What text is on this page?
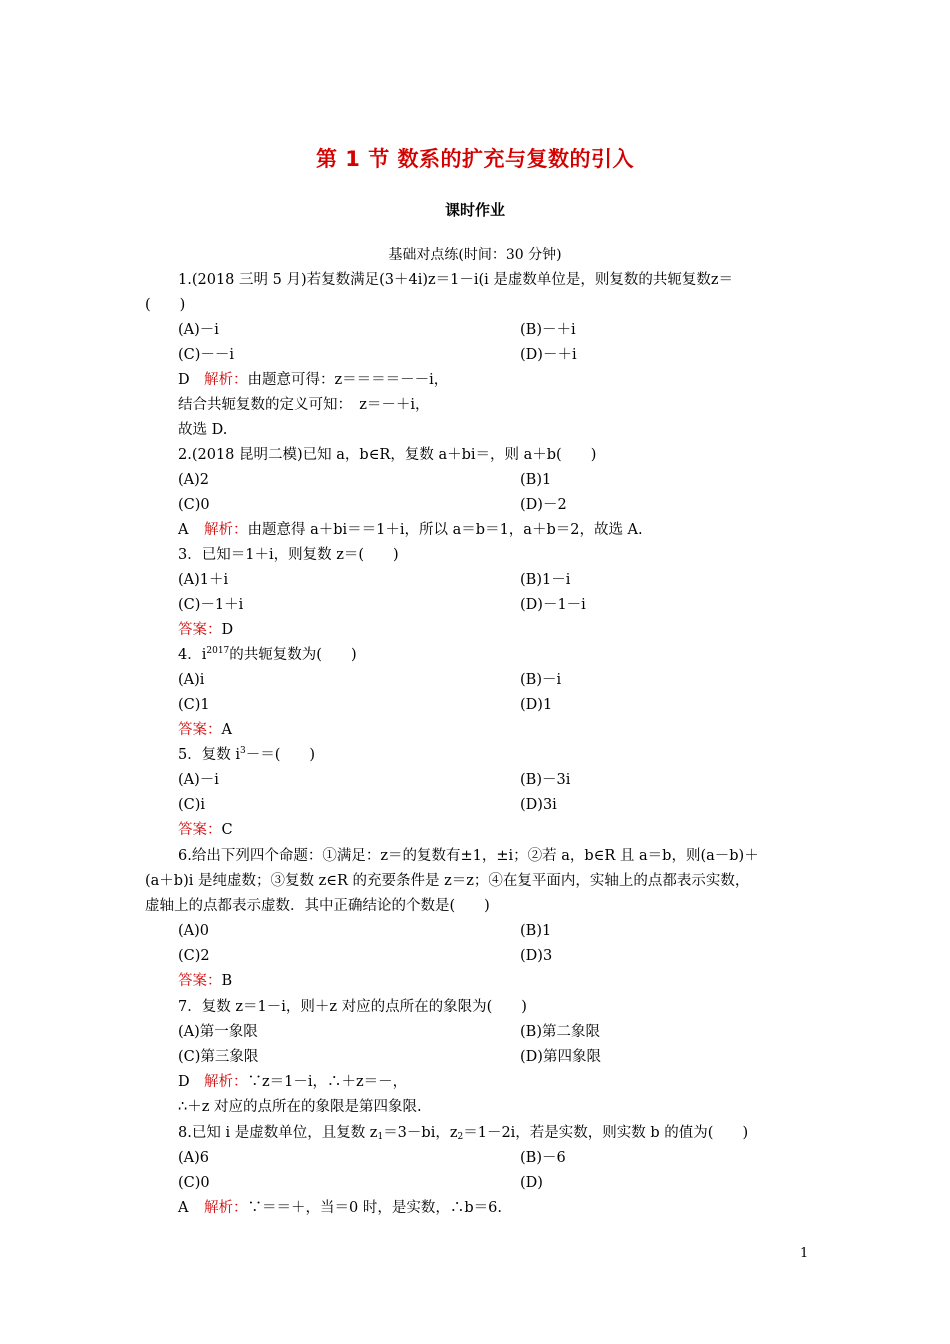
第 1 节 数系的扩充与复数的引入
课时作业
基础对点练(时间：30 分钟)
1.(2018 三明 5 月)若复数满足(3＋4i)z＝1－i(i 是虚数单位是，则复数的共轭复数z＝
(　　)
(A)－i	(B)－＋i
(C)－－i	(D)－＋i
D 解析：由题意可得：z＝＝＝＝－－i，
结合共轭复数的定义可知：　z＝－＋i，
故选 D.
2.(2018 昆明二模)已知 a，b∈R，复数 a＋bi＝，则 a＋b(　　)
(A)2	(B)1
(C)0	(D)－2
A 解析：由题意得 a＋bi＝＝1＋i，所以 a＝b＝1，a＋b＝2，故选 A.
3．已知＝1＋i，则复数 z＝(　　)
(A)1＋i	(B)1－i
(C)－1＋i	(D)－1－i
答案：D
4．$i^{2017}$的共轭复数为(　　)
(A)i	(B)－i
(C)1	(D)1
答案：A
5．复数 $i^3-=$(　　)
(A)－i	(B)－3i
(C)i	(D)3i
答案：C
6.给出下列四个命题：①满足：z＝的复数有±1，±i；②若 a，b∈R 且 a＝b，则(a－b)＋
(a＋b)i 是纯虚数；③复数 z∈R 的充要条件是 z＝z；④在复平面内，实轴上的点都表示实数，
虚轴上的点都表示虚数．其中正确结论的个数是(　　)
(A)0	(B)1
(C)2	(D)3
答案：B
7．复数 z＝1－i，则＋z 对应的点所在的象限为(　　)
(A)第一象限	(B)第二象限
(C)第三象限	(D)第四象限
D 解析：∵z＝1－i，∴＋z＝－，
∴＋z 对应的点所在的象限是第四象限.
8.已知 i 是虚数单位，且复数 $z_1=3-bi$，$z_2=1-2i$，若是实数，则实数 b 的值为(　　)
(A)6	(B)－6
(C)0	(D)
A 解析：∵＝＝＋，当＝0 时，是实数，∴b＝6.
1
